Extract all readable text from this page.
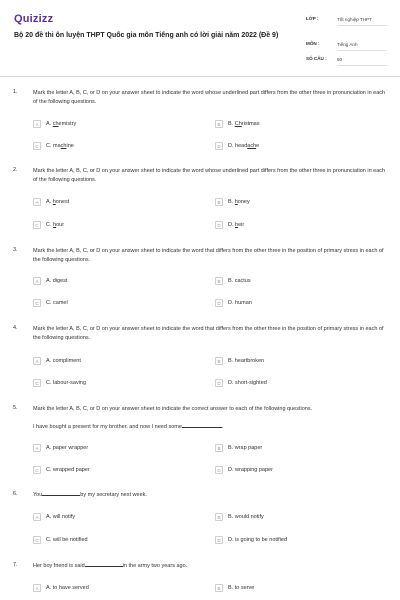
Quizizz
Bộ 20 đề thi ôn luyện THPT Quốc gia môn Tiếng anh có lời giải năm 2022 (Đề 9)
LỚP :	Tốt nghiệp THPT
MÔN :	Tiếng Anh
SỐ CÂU : 50
1.	Mark the letter A, B, C, or D on your answer sheet to indicate the word whose underlined part differs from the other three in pronunciation in each of the following questions.
A	A. chemistry	B	B. Christmas
C	C. machine	D	D. headache
2.	Mark the letter A, B, C, or D on your answer sheet to indicate the word whose underlined part differs from the other three in pronunciation in each of the following questions.
A	A. honest	B	B. honey
C	C. hour	D	D. heir
3.	Mark the letter A, B, C, or D on your answer sheet to indicate the word that differs from the other three in the position of primary stress in each of the following questions.
A	A. digest	B	B. cactus
C	C. camel	D	D. human
4.	Mark the letter A, B, C, or D on your answer sheet to indicate the word that differs from the other three in the position of primary stress in each of the following questions.
A	A. compliment	B	B. heartbroken
C	C. labour-saving	D	D. short-sighted
5.	Mark the letter A, B, C, or D on your answer sheet to indicate the correct answer to each of the following questions.
I have bought a present for my brother, and now I need some	.
A	A. paper wrapper	B	B. wrap paper
C	C. wrapped paper	D	D. wrapping paper
6.	You	by my secretary next week.
A	A. will notify	B	B. would notify
C	C. will be notified	D	D. is going to be notified
7.	Her boy friend is said	in the army two years ago.
A	A. to have served	B	B. to serve
